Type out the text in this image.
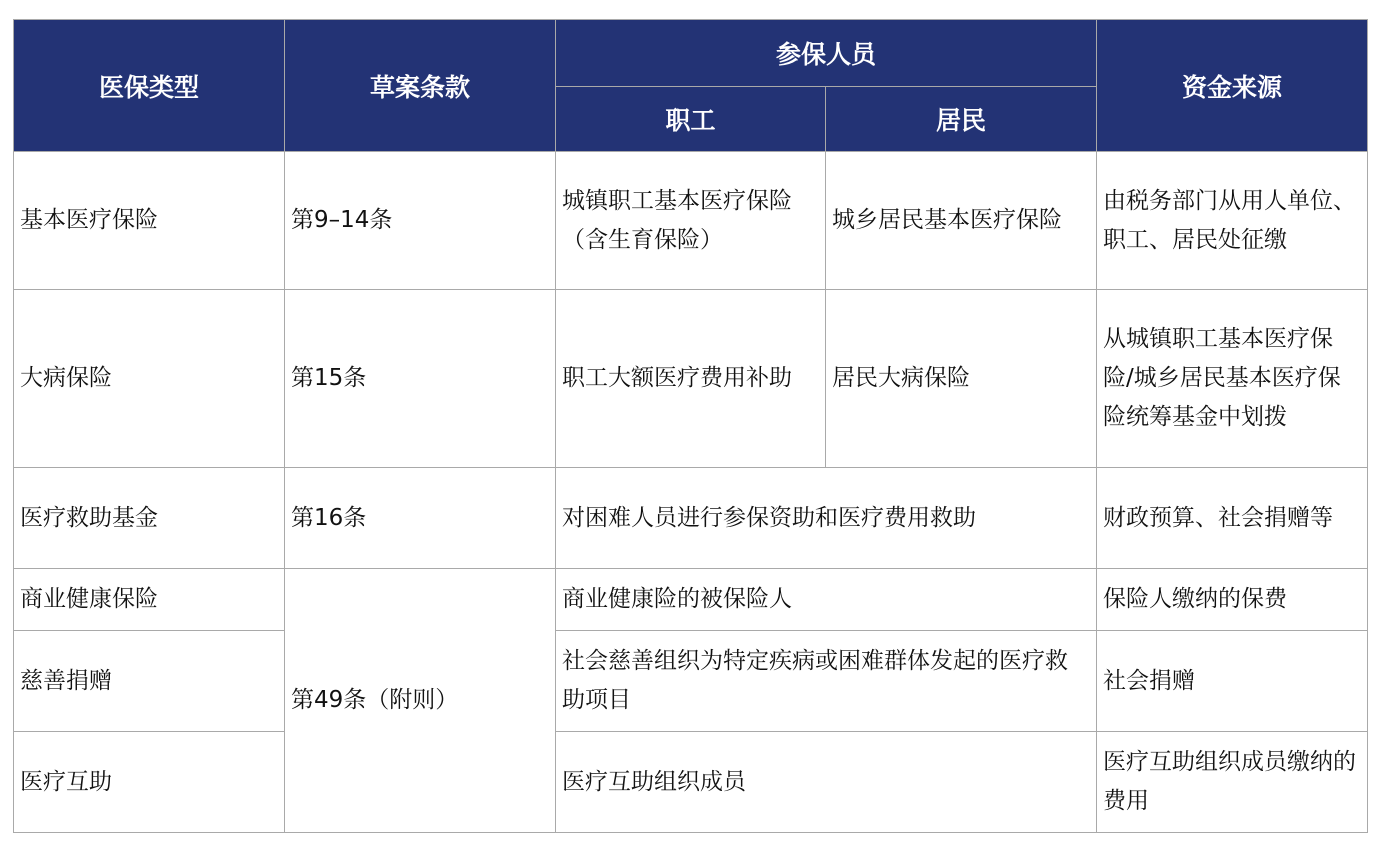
医保类型	草案条款	参保人员		资金来源
		职工	居民	
基本医疗保险	第9–14条	城镇职工基本医疗保险（含生育保险）	城乡居民基本医疗保险	由税务部门从用人单位、职工、居民处征缴
大病保险	第15条	职工大额医疗费用补助	居民大病保险	从城镇职工基本医疗保险/城乡居民基本医疗保险统筹基金中划拨
医疗救助基金	第16条	对困难人员进行参保资助和医疗费用救助		财政预算、社会捐赠等
商业健康保险	第49条（附则）	商业健康险的被保险人		保险人缴纳的保费
慈善捐赠		社会慈善组织为特定疾病或困难群体发起的医疗救助项目		社会捐赠
医疗互助		医疗互助组织成员		医疗互助组织成员缴纳的费用
